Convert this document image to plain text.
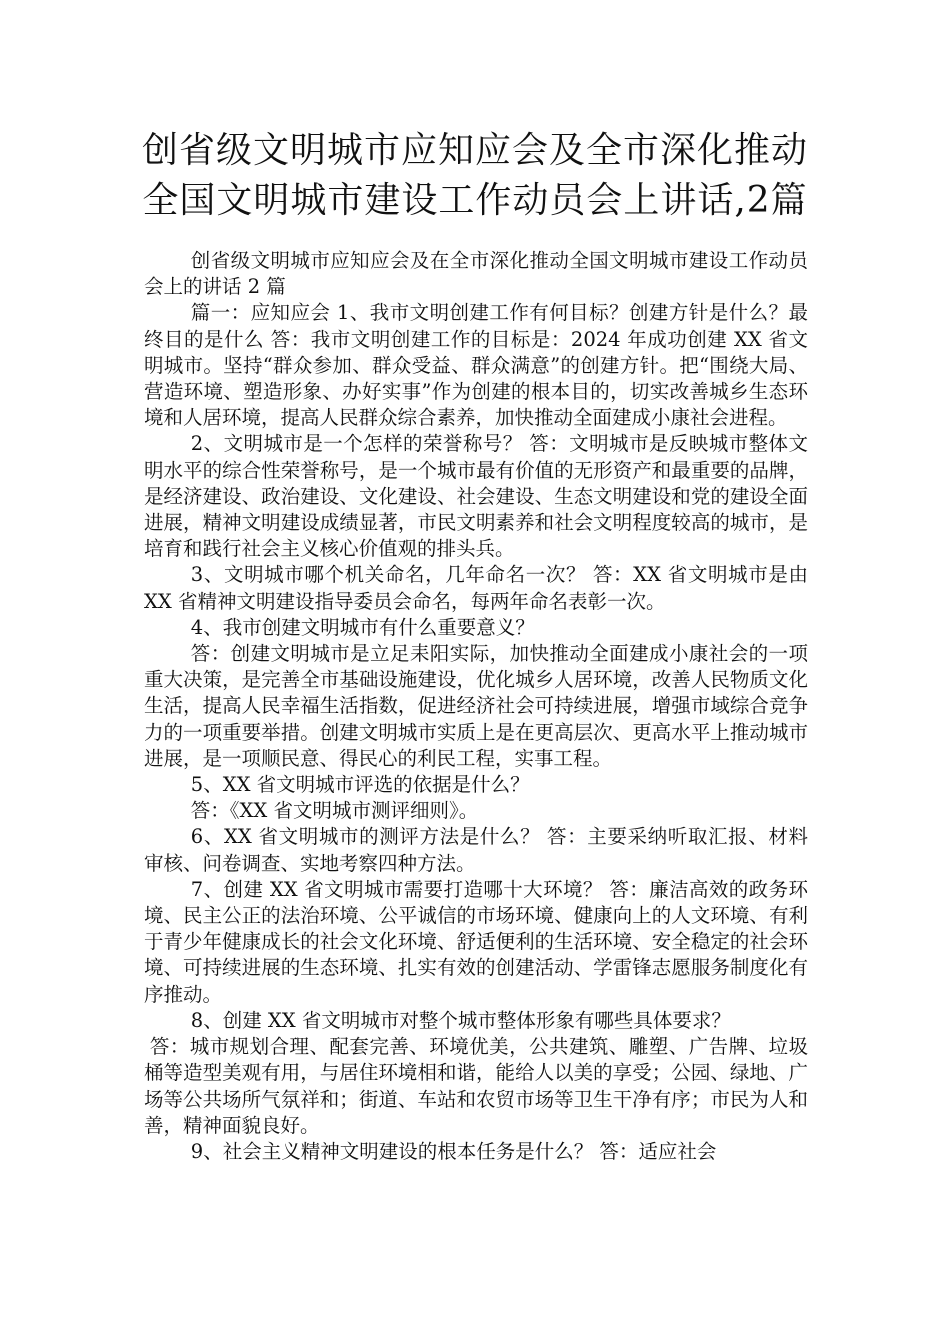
创省级文明城市应知应会及全市深化推动
全国文明城市建设工作动员会上讲话,2篇

创省级文明城市应知应会及在全市深化推动全国文明城市建设工作动员会上的讲话 2 篇

篇一：应知应会 1、我市文明创建工作有何目标？创建方针是什么？最终目的是什么 答：我市文明创建工作的目标是：2024 年成功创建 XX 省文明城市。坚持“群众参加、群众受益、群众满意”的创建方针。把“围绕大局、营造环境、塑造形象、办好实事”作为创建的根本目的，切实改善城乡生态环境和人居环境，提高人民群众综合素养，加快推动全面建成小康社会进程。

2、文明城市是一个怎样的荣誉称号？ 答：文明城市是反映城市整体文明水平的综合性荣誉称号，是一个城市最有价值的无形资产和最重要的品牌，是经济建设、政治建设、文化建设、社会建设、生态文明建设和党的建设全面进展，精神文明建设成绩显著，市民文明素养和社会文明程度较高的城市，是培育和践行社会主义核心价值观的排头兵。

3、文明城市哪个机关命名，几年命名一次？ 答：XX 省文明城市是由 XX 省精神文明建设指导委员会命名，每两年命名表彰一次。

4、我市创建文明城市有什么重要意义？

答：创建文明城市是立足耒阳实际，加快推动全面建成小康社会的一项重大决策，是完善全市基础设施建设，优化城乡人居环境，改善人民物质文化生活，提高人民幸福生活指数，促进经济社会可持续进展，增强市域综合竞争力的一项重要举措。创建文明城市实质上是在更高层次、更高水平上推动城市进展，是一项顺民意、得民心的利民工程，实事工程。

5、XX 省文明城市评选的依据是什么？

答：《XX 省文明城市测评细则》。

6、XX 省文明城市的测评方法是什么？ 答：主要采纳听取汇报、材料审核、问卷调查、实地考察四种方法。

7、创建 XX 省文明城市需要打造哪十大环境？ 答：廉洁高效的政务环境、民主公正的法治环境、公平诚信的市场环境、健康向上的人文环境、有利于青少年健康成长的社会文化环境、舒适便利的生活环境、安全稳定的社会环境、可持续进展的生态环境、扎实有效的创建活动、学雷锋志愿服务制度化有序推动。

8、创建 XX 省文明城市对整个城市整体形象有哪些具体要求？

答：城市规划合理、配套完善、环境优美，公共建筑、雕塑、广告牌、垃圾桶等造型美观有用，与居住环境相和谐，能给人以美的享受；公园、绿地、广场等公共场所气氛祥和；街道、车站和农贸市场等卫生干净有序；市民为人和善，精神面貌良好。

9、社会主义精神文明建设的根本任务是什么？ 答：适应社会
